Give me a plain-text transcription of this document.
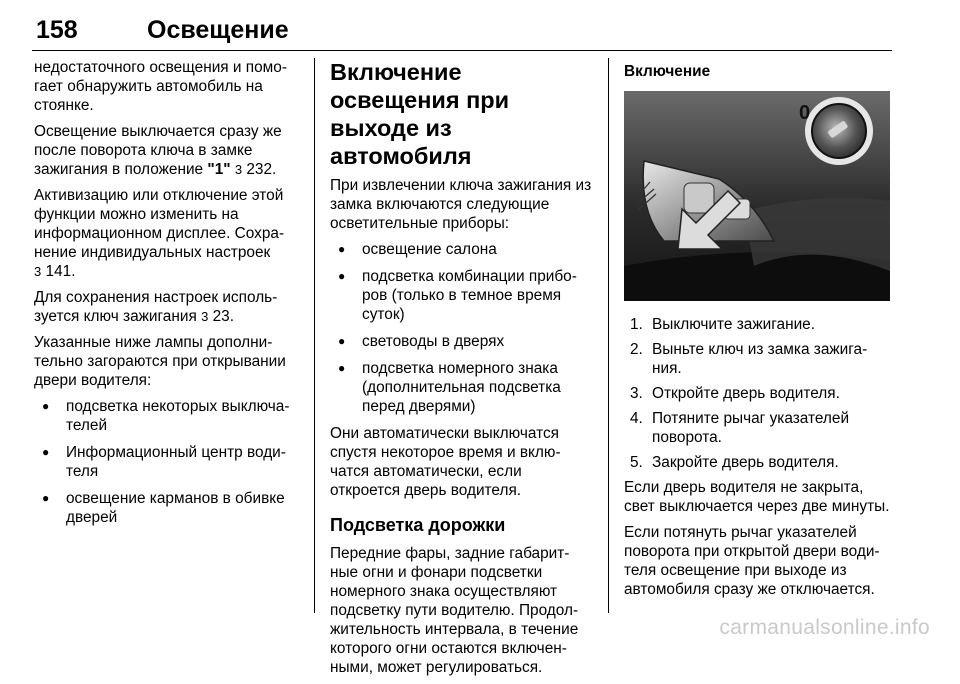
158	Освещение

недостаточного освещения и помо-гает обнаружить автомобиль на стоянке.

Освещение выключается сразу же после поворота ключа в замке зажигания в положение "1" 3 232.

Активизацию или отключение этой функции можно изменить на информационном дисплее. Сохра-нение индивидуальных настроек
3 141.

Для сохранения настроек исполь-зуется ключ зажигания 3 23.

Указанные ниже лампы дополни-тельно загораются при открывании двери водителя:

● подсветка некоторых выключа-телей
● Информационный центр води-теля
● освещение карманов в обивке дверей
Включение освещения при выходе из автомобиля

При извлечении ключа зажигания из замка включаются следующие осветительные приборы:

● освещение салона
● подсветка комбинации прибо-ров (только в темное время суток)
● световоды в дверях
● подсветка номерного знака (дополнительная подсветка перед дверями)

Они автоматически выключатся спустя некоторое время и вклю-чатся автоматически, если откроется дверь водителя.

Подсветка дорожки

Передние фары, задние габарит-ные огни и фонари подсветки номерного знака осуществляют подсветку пути водителю. Продол-жительность интервала, в течение которого огни остаются включен-ными, может регулироваться.

Включение
0
1. Выключите зажигание.
2. Выньте ключ из замка зажига-ния.
3. Откройте дверь водителя.
4. Потяните рычаг указателей поворота.
5. Закройте дверь водителя.

Если дверь водителя не закрыта, свет выключается через две минуты.

Если потянуть рычаг указателей поворота при открытой двери води-теля освещение при выходе из автомобиля сразу же отключается.

carmanualsonline.info
